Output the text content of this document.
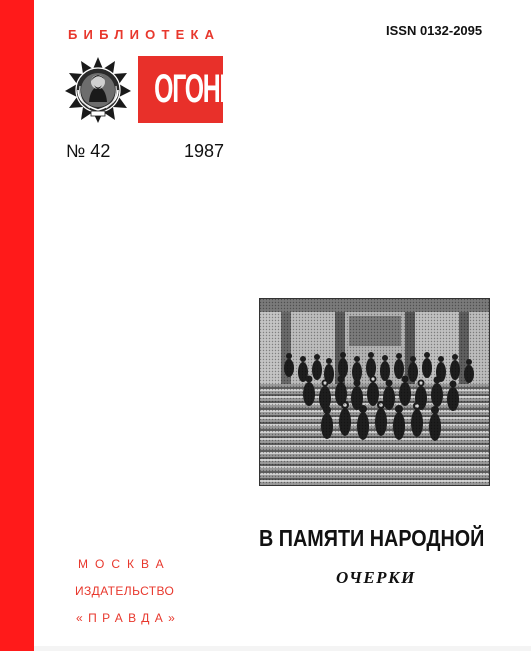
БИБЛИОТЕКА	ISSN 0132-2095
ОГОНЁК
№ 42	1987
В ПАМЯТИ НАРОДНОЙ
ОЧЕРКИ
МОСКВА
ИЗДАТЕЛЬСТВО
«ПРАВДА»
